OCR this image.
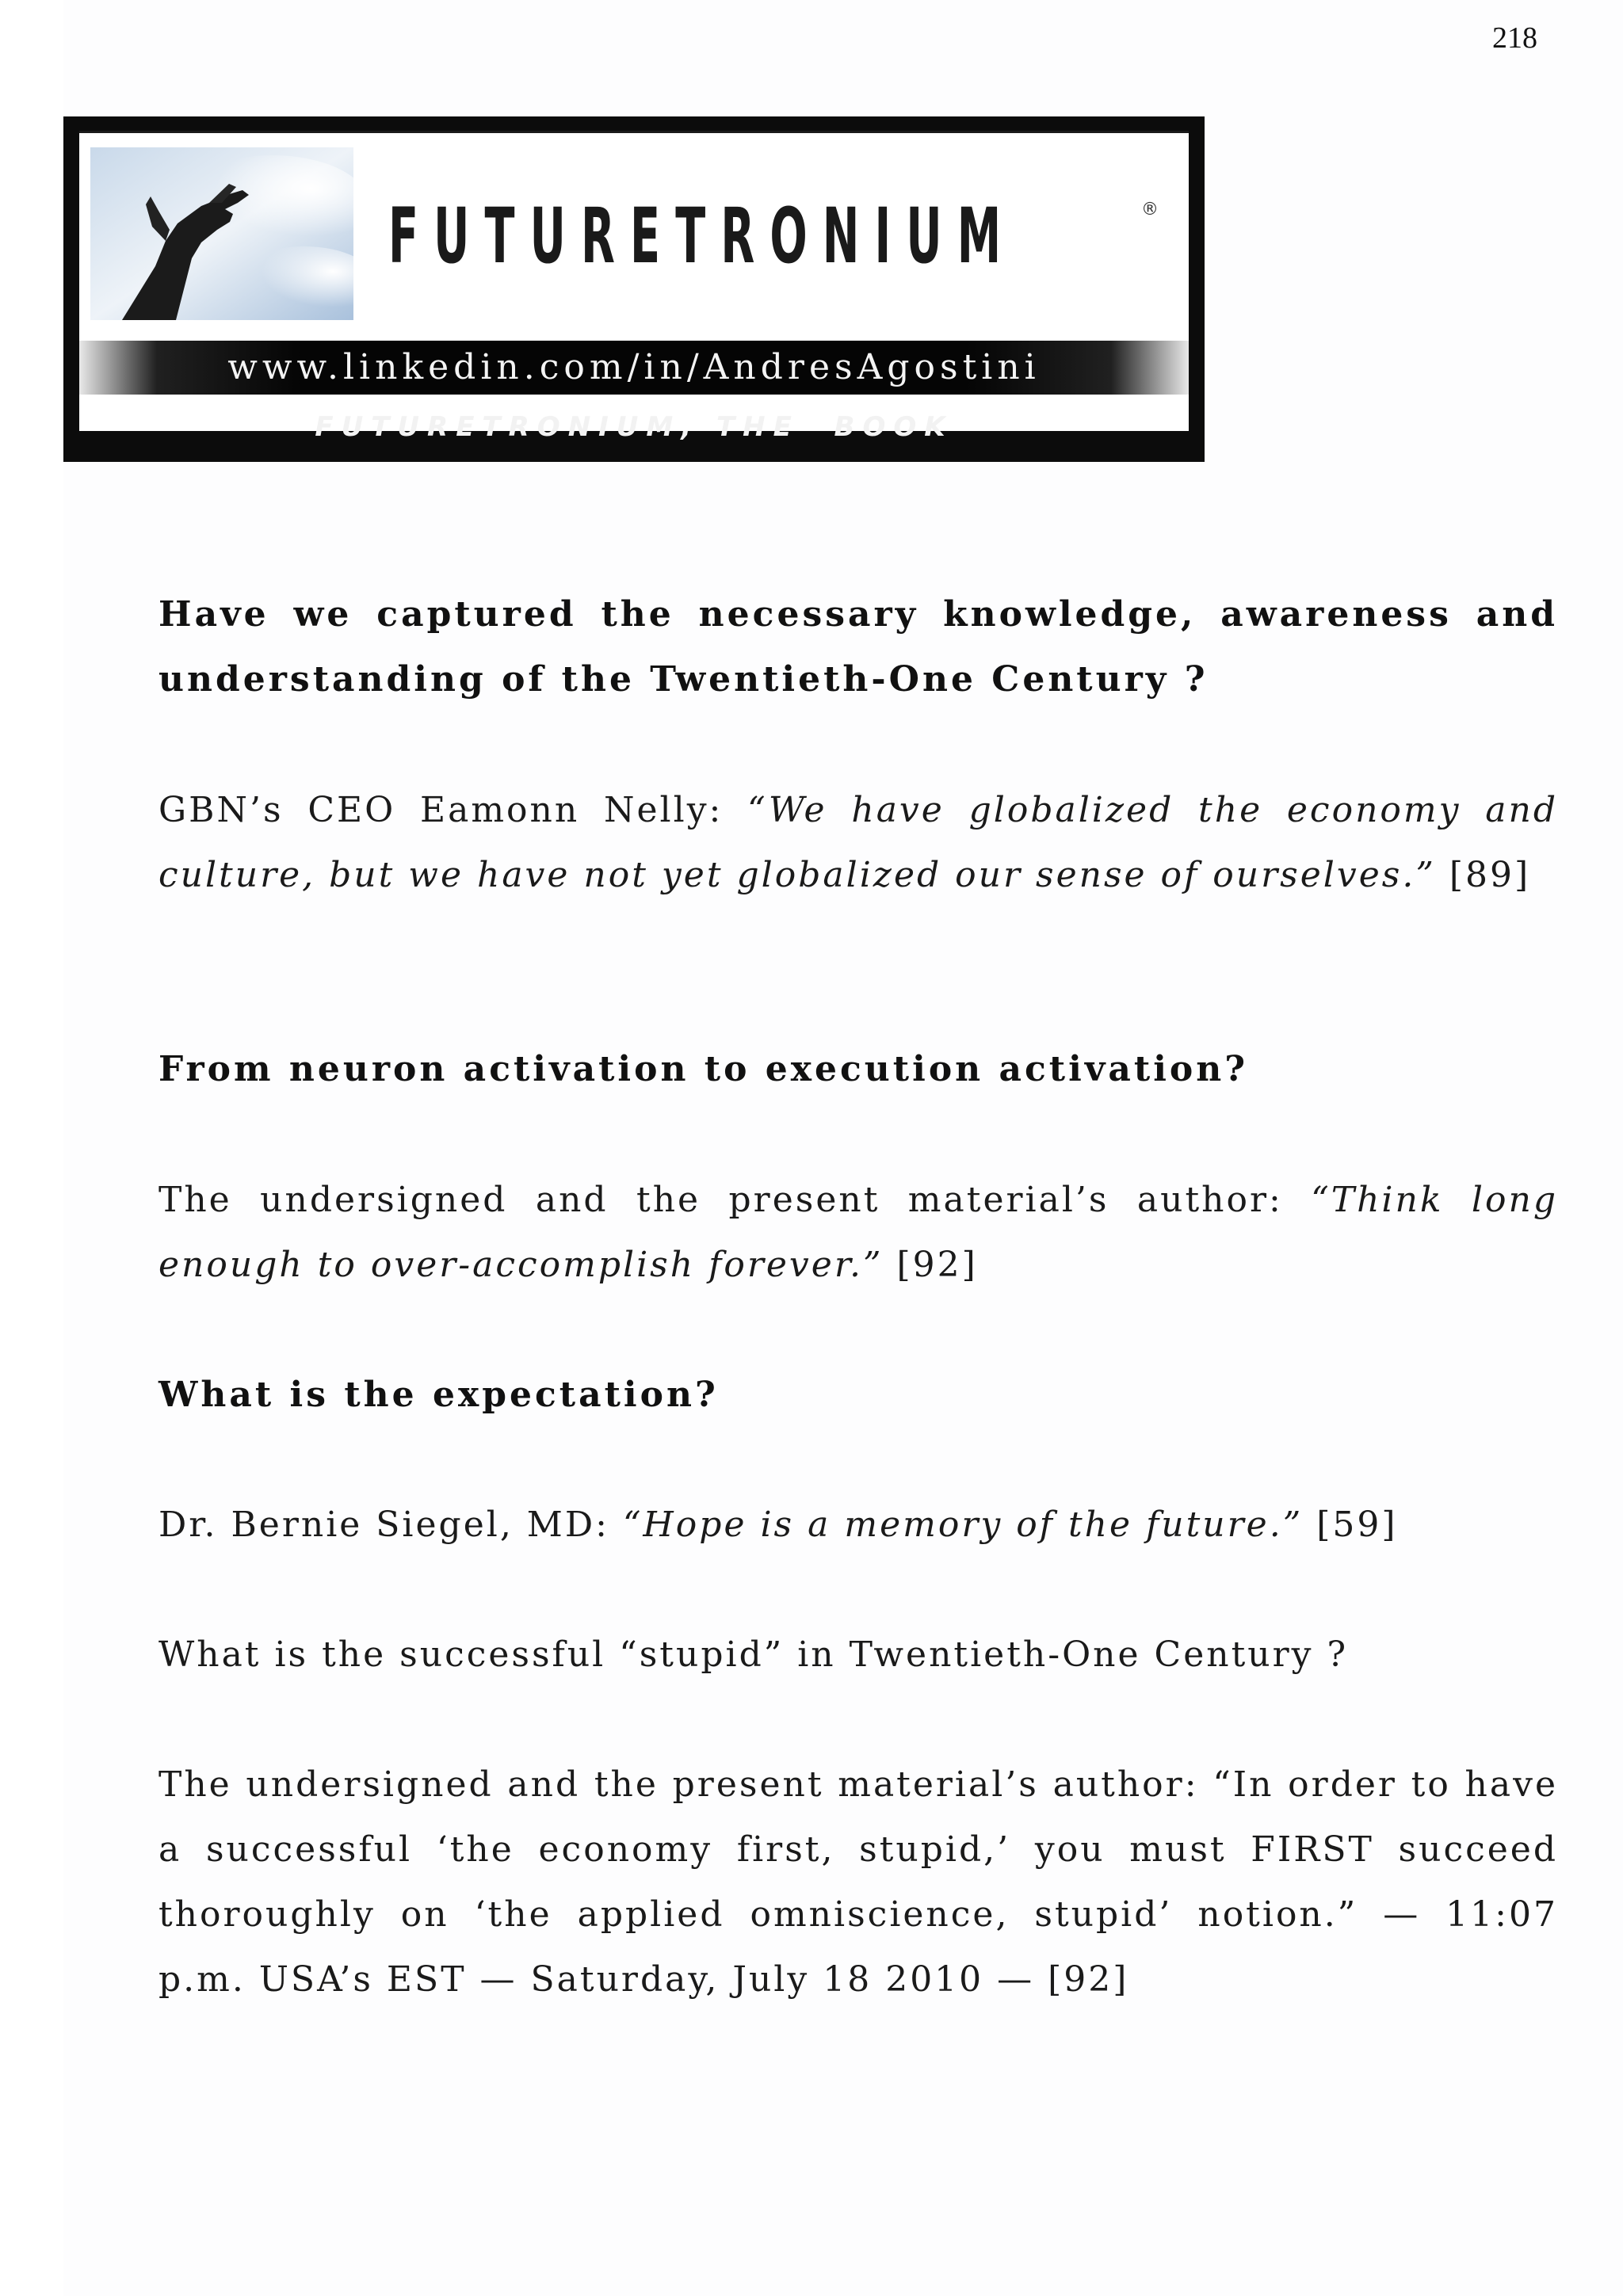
218
FUTURETRONIUM	®
www.linkedin.com/in/AndresAgostini
FUTURETRONIUM, THE  BOOK

Have we captured the necessary knowledge, awareness and understanding of the Twentieth-One Century ?

GBN’s CEO Eamonn Nelly: “We have globalized the economy and culture, but we have not yet globalized our sense of ourselves.” [89]

From neuron activation to execution activation?

The undersigned and the present material’s author: “Think long enough to over-accomplish forever.” [92]

What is the expectation?

Dr. Bernie Siegel, MD: “Hope is a memory of the future.” [59]

What is the successful “stupid” in Twentieth-One Century ?

The undersigned and the present material’s author: “In order to have a successful ‘the economy first, stupid,’ you must FIRST succeed thoroughly on ‘the applied omniscience, stupid’ notion.” — 11:07 p.m. USA’s EST — Saturday, July 18 2010 — [92]
